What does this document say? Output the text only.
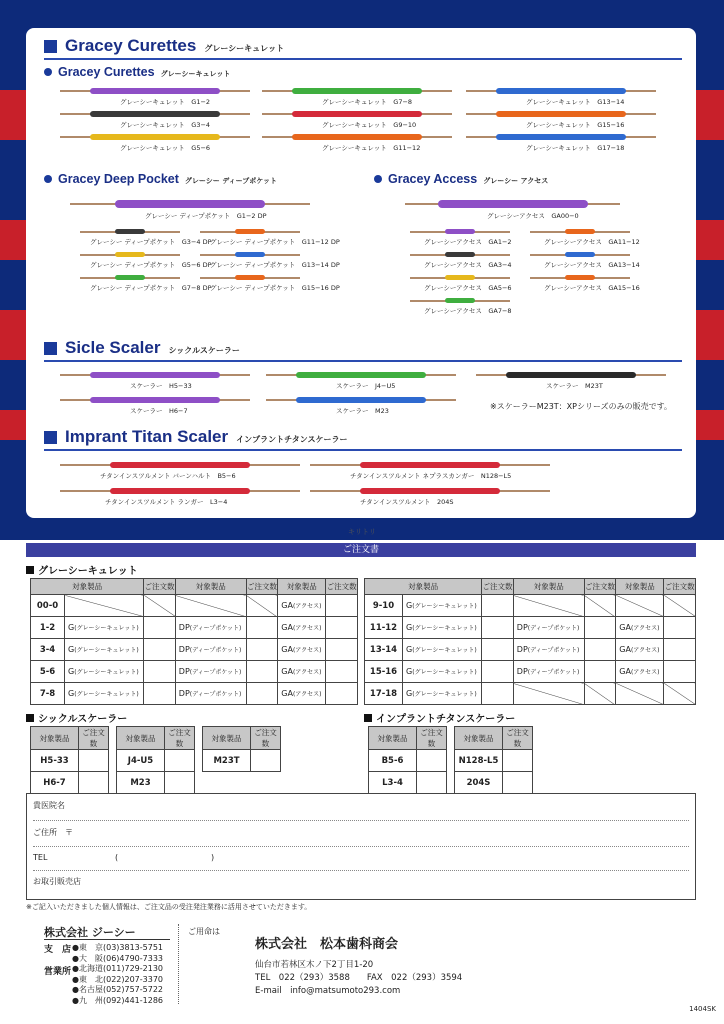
Gracey Curettes グレーシーキュレット
Gracey Curettes グレーシーキュレット
Gracey Deep Pocket グレーシー ディープポケット	Gracey Access グレーシー アクセス
Sicle Scaler シックルスケーラー
※スケーラーM23T：XPシリーズのみの販売です。
Imprant Titan Scaler インプラントチタンスケーラー
グレーシーキュレット　G1−2
グレーシーキュレット　G3−4
グレーシーキュレット　G5−6
グレーシーキュレット　G7−8
グレーシーキュレット　G9−10
グレーシーキュレット　G11−12
グレーシーキュレット　G13−14
グレーシーキュレット　G15−16
グレーシーキュレット　G17−18
グレーシー ディープポケット　G1−2 DP
グレーシー ディープポケット　G3−4 DP
グレーシー ディープポケット　G5−6 DP
グレーシー ディープポケット　G7−8 DP
グレーシー ディープポケット　G11−12 DP
グレーシー ディープポケット　G13−14 DP
グレーシー ディープポケット　G15−16 DP
グレーシーアクセス　GA00−0
グレーシーアクセス　GA1−2
グレーシーアクセス　GA3−4
グレーシーアクセス　GA5−6
グレーシーアクセス　GA7−8
グレーシーアクセス　GA11−12
グレーシーアクセス　GA13−14
グレーシーアクセス　GA15−16
スケーラー　H5−33
スケーラー　H6−7
スケーラー　J4−U5
スケーラー　M23
スケーラー　M23T
チタンインスツルメント バーンハルト　B5−6
チタンインスツルメント ランガー　L3−4
チタンインスツルメント ネプラスカンガー　N128−L5
チタンインスツルメント　204S
キリトリ
ご注文書
グレーシーキュレット
対象製品		ご注文数	対象製品	ご注文数	対象製品	ご注文数
00-0					GA(アクセス)	
1-2	G(グレーシーキュレット)		DP(ディープポケット)		GA(アクセス)	
3-4	G(グレーシーキュレット)		DP(ディープポケット)		GA(アクセス)	
5-6	G(グレーシーキュレット)		DP(ディープポケット)		GA(アクセス)	
7-8	G(グレーシーキュレット)		DP(ディープポケット)		GA(アクセス)	
対象製品		ご注文数	対象製品	ご注文数	対象製品	ご注文数
9-10	G(グレーシーキュレット)					
11-12	G(グレーシーキュレット)		DP(ディープポケット)		GA(アクセス)	
13-14	G(グレーシーキュレット)		DP(ディープポケット)		GA(アクセス)	
15-16	G(グレーシーキュレット)		DP(ディープポケット)		GA(アクセス)	
17-18	G(グレーシーキュレット)					
シックルスケーラー	インプラントチタンスケーラー
対象製品	ご注文数
H5-33	
H6-7	
対象製品	ご注文数
J4-U5	
M23	
対象製品	ご注文数
M23T	
対象製品	ご注文数
B5-6	
L3-4	
対象製品	ご注文数
N128-L5	
204S	
貴医院名
ご住所　〒
TEL	(	)
お取引販売店
※ご記入いただきました個人情報は、ご注文品の受注発注業務に活用させていただきます。
株式会社 ジーシー
支　店
営業所
●東　京(03)3813-5751
●大　阪(06)4790-7333
●北海道(011)729-2130
●東　北(022)207-3370
●名古屋(052)757-5722
●九　州(092)441-1286
ご用命は
株式会社　松本歯科商会
仙台市若林区木ノ下2丁目1-20
TEL　022（293）3588　　FAX　022（293）3594
E-mail　info@matsumoto293.com
1404SK
